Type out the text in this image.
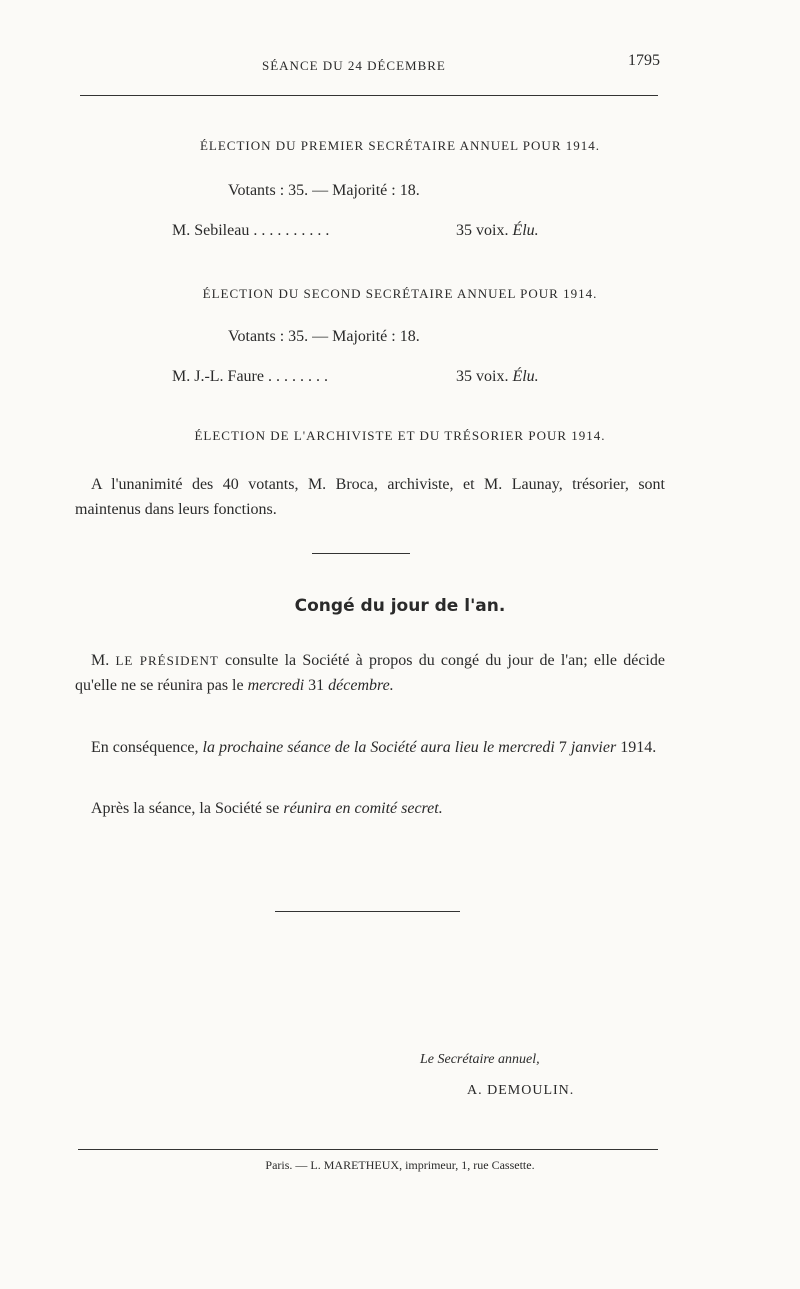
SÉANCE DU 24 DÉCEMBRE	1795
ÉLECTION DU PREMIER SECRÉTAIRE ANNUEL POUR 1914.
Votants : 35. — Majorité : 18.
M. Sebileau . . . . . . . . . .	35 voix. Élu.
ÉLECTION DU SECOND SECRÉTAIRE ANNUEL POUR 1914.
Votants : 35. — Majorité : 18.
M. J.-L. Faure . . . . . . . .	35 voix. Élu.
ÉLECTION DE L'ARCHIVISTE ET DU TRÉSORIER POUR 1914.
A l'unanimité des 40 votants, M. Broca, archiviste, et M. Launay, trésorier, sont maintenus dans leurs fonctions.
Congé du jour de l'an.
M. LE PRÉSIDENT consulte la Société à propos du congé du jour de l'an; elle décide qu'elle ne se réunira pas le mercredi 31 décembre.
En conséquence, la prochaine séance de la Société aura lieu le mercredi 7 janvier 1914.
Après la séance, la Société se réunira en comité secret.
Le Secrétaire annuel,
A. DEMOULIN.
Paris. — L. MARETHEUX, imprimeur, 1, rue Cassette.
